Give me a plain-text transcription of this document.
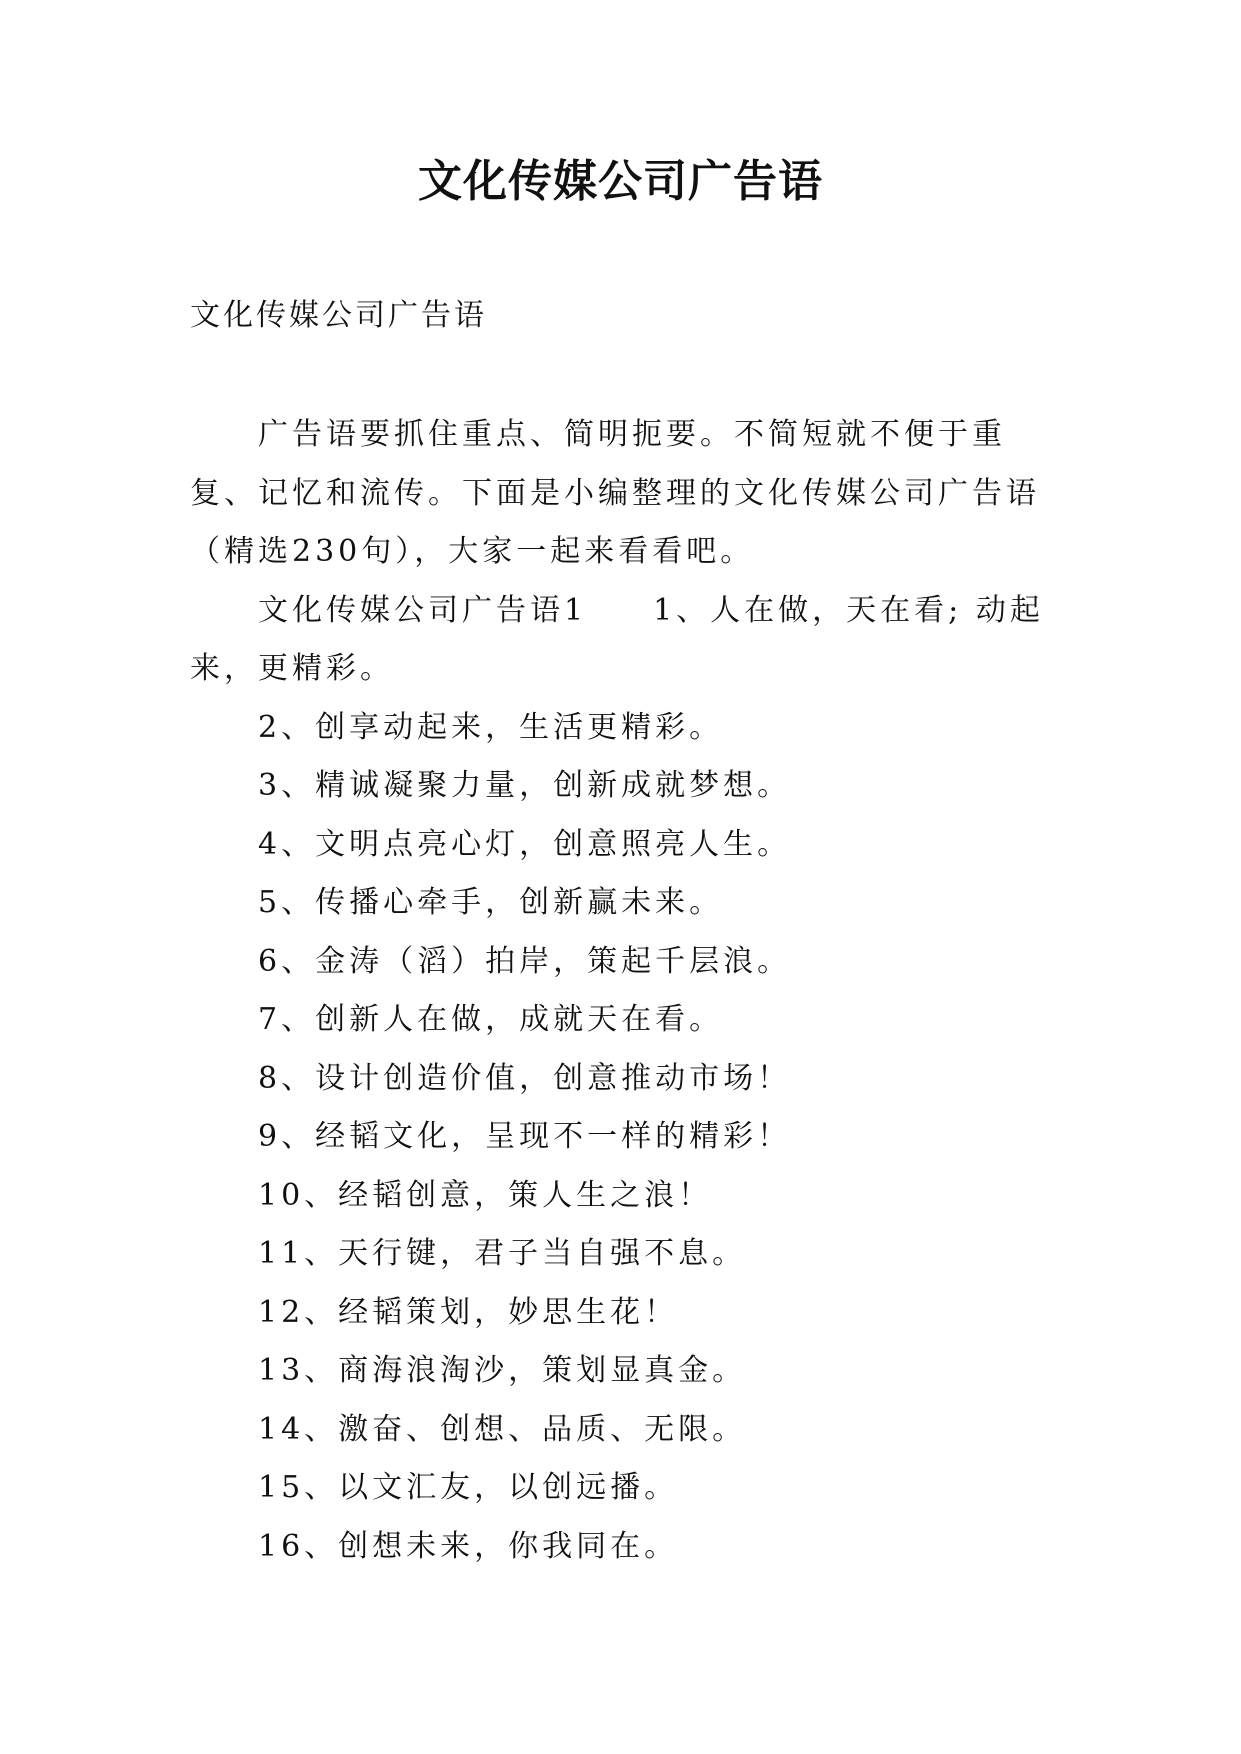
文化传媒公司广告语
文化传媒公司广告语

广告语要抓住重点、简明扼要。不简短就不便于重复、记忆和流传。下面是小编整理的文化传媒公司广告语（精选230句），大家一起来看看吧。

文化传媒公司广告语1 1、人在做，天在看; 动起来，更精彩。

2、创享动起来，生活更精彩。

3、精诚凝聚力量，创新成就梦想。

4、文明点亮心灯，创意照亮人生。

5、传播心牵手，创新赢未来。

6、金涛（滔）拍岸，策起千层浪。

7、创新人在做，成就天在看。

8、设计创造价值，创意推动市场！

9、经韬文化，呈现不一样的精彩！

10、经韬创意，策人生之浪！

11、天行键，君子当自强不息。

12、经韬策划，妙思生花！

13、商海浪淘沙，策划显真金。

14、激奋、创想、品质、无限。

15、以文汇友，以创远播。

16、创想未来，你我同在。
